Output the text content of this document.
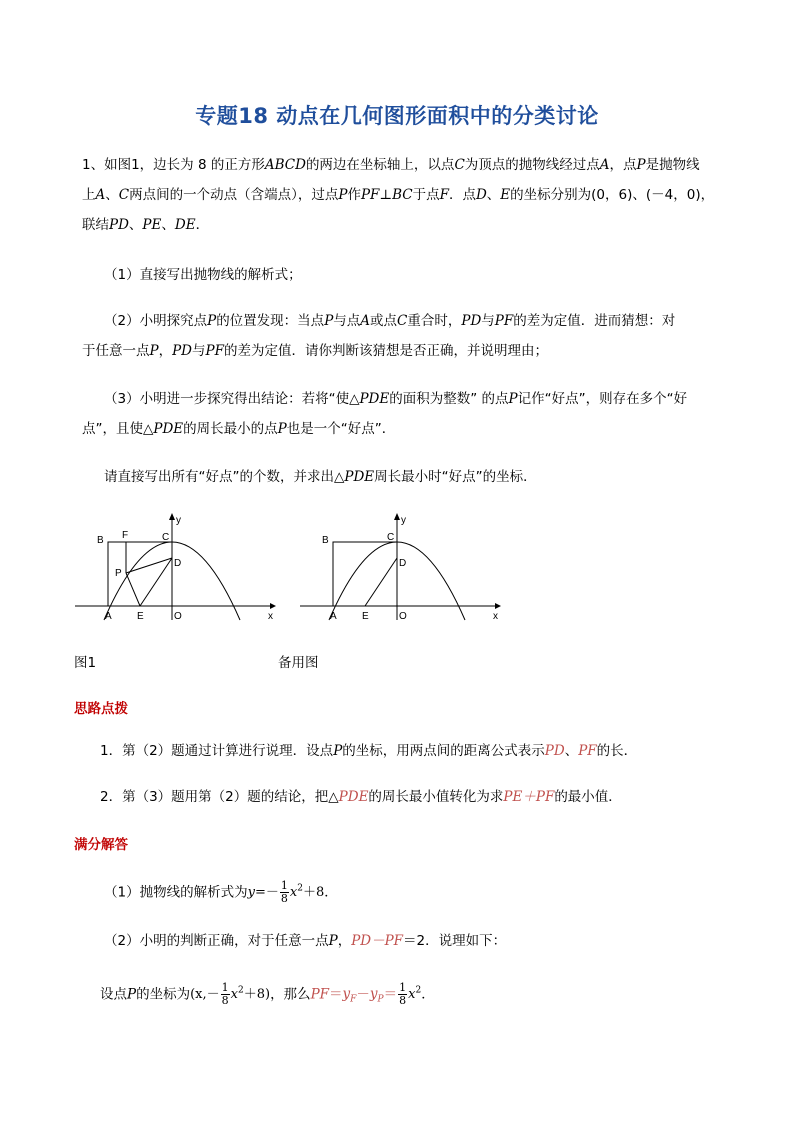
专题18 动点在几何图形面积中的分类讨论
1、如图1，边长为 8 的正方形ABCD的两边在坐标轴上，以点C为顶点的抛物线经过点A，点P是抛物线
上A、C两点间的一个动点（含端点），过点P作PF⊥BC于点F．点D、E的坐标分别为(0，6)、(－4，0)，
联结PD、PE、DE．
（1）直接写出抛物线的解析式；
（2）小明探究点P的位置发现：当点P与点A或点C重合时，PD与PF的差为定值．进而猜想：对
于任意一点P，PD与PF的差为定值．请你判断该猜想是否正确，并说明理由；
（3）小明进一步探究得出结论：若将“使△PDE的面积为整数” 的点P记作“好点”，则存在多个“好
点”，且使△PDE的周长最小的点P也是一个“好点”．
请直接写出所有“好点”的个数，并求出△PDE周长最小时“好点”的坐标．
B F	C
y
P
D
x
A	E	O
B	C
y
D
x
A	E	O
图1	备用图
思路点拨
1．第（2）题通过计算进行说理．设点P的坐标，用两点间的距离公式表示PD、PF的长．
2．第（3）题用第（2）题的结论，把△PDE的周长最小值转化为求PE＋PF的最小值．
满分解答
（1）抛物线的解析式为$y=- \frac{1}{8} x^2+8$．
（2）小明的判断正确，对于任意一点P，PD－PF＝2．说理如下：
设点P的坐标为$(x,- \frac{1}{8} x^2+8)$，那么$PF=y_F-y_P= \frac{1}{8} x^2$．
